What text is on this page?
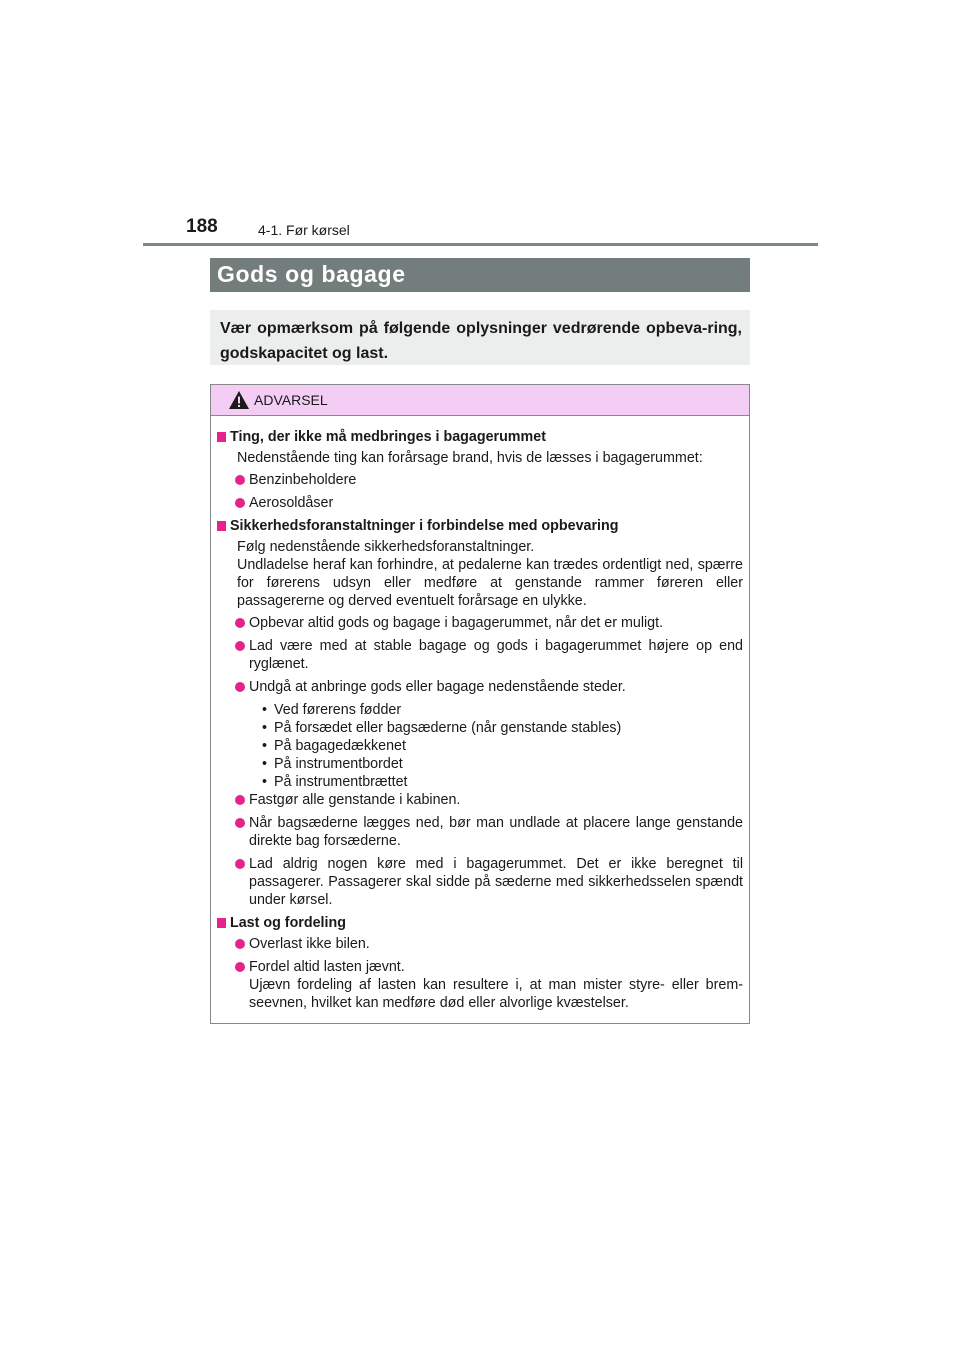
188	4-1. Før kørsel
Gods og bagage
Vær opmærksom på følgende oplysninger vedrørende opbeva-ring, godskapacitet og last.
ADVARSEL
Ting, der ikke må medbringes i bagagerummet
Nedenstående ting kan forårsage brand, hvis de læsses i bagagerummet:
Benzinbeholdere
Aerosoldåser
Sikkerhedsforanstaltninger i forbindelse med opbevaring
Følg nedenstående sikkerhedsforanstaltninger.
Undladelse heraf kan forhindre, at pedalerne kan trædes ordentligt ned, spærre for førerens udsyn eller medføre at genstande rammer føreren eller passagererne og derved eventuelt forårsage en ulykke.
Opbevar altid gods og bagage i bagagerummet, når det er muligt.
Lad være med at stable bagage og gods i bagagerummet højere op end ryglænet.
Undgå at anbringe gods eller bagage nedenstående steder.
• Ved førerens fødder
• På forsædet eller bagsæderne (når genstande stables)
• På bagagedækkenet
• På instrumentbordet
• På instrumentbrættet
Fastgør alle genstande i kabinen.
Når bagsæderne lægges ned, bør man undlade at placere lange genstande direkte bag forsæderne.
Lad aldrig nogen køre med i bagagerummet. Det er ikke beregnet til passagerer. Passagerer skal sidde på sæderne med sikkerhedsselen spændt under kørsel.
Last og fordeling
Overlast ikke bilen.
Fordel altid lasten jævnt.
Ujævn fordeling af lasten kan resultere i, at man mister styre- eller brem-seevnen, hvilket kan medføre død eller alvorlige kvæstelser.
